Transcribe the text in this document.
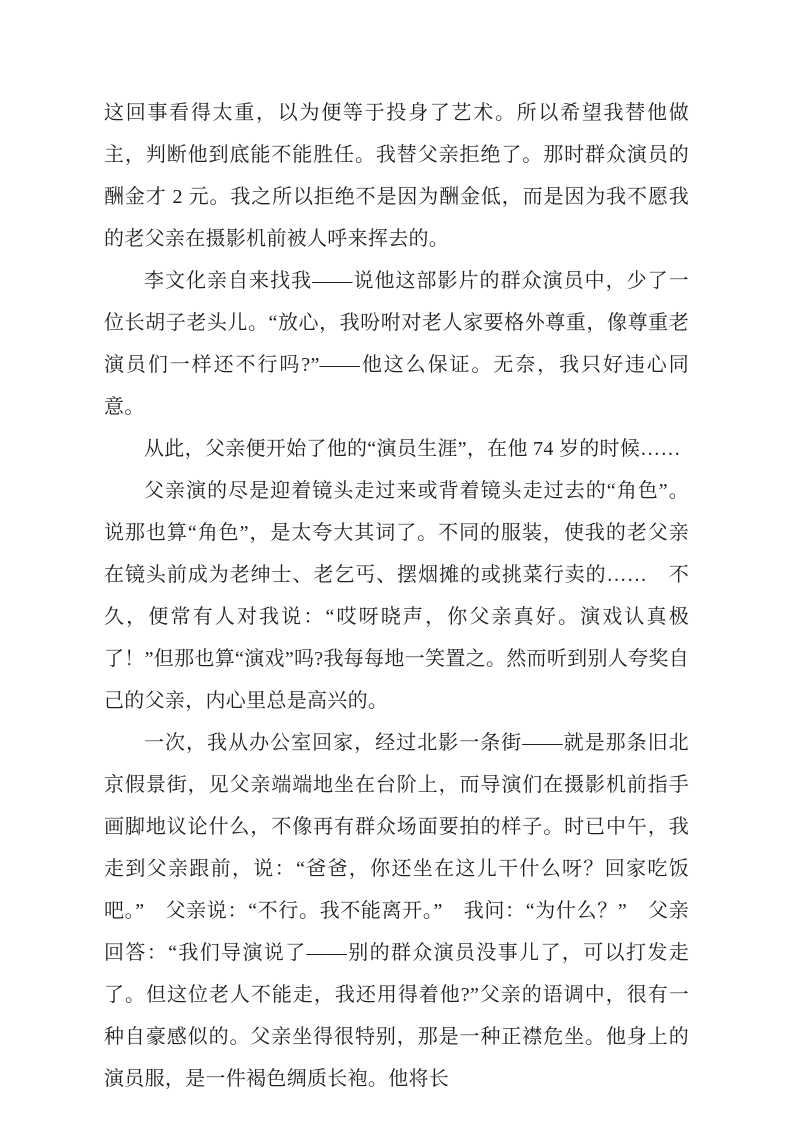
这回事看得太重，以为便等于投身了艺术。所以希望我替他做主，判断他到底能不能胜任。我替父亲拒绝了。那时群众演员的酬金才 2 元。我之所以拒绝不是因为酬金低，而是因为我不愿我的老父亲在摄影机前被人呼来挥去的。

李文化亲自来找我——说他这部影片的群众演员中，少了一位长胡子老头儿。“放心，我吩咐对老人家要格外尊重，像尊重老演员们一样还不行吗?”——他这么保证。无奈，我只好违心同意。

从此，父亲便开始了他的“演员生涯”，在他 74 岁的时候……

父亲演的尽是迎着镜头走过来或背着镜头走过去的“角色”。说那也算“角色”，是太夸大其词了。不同的服装，使我的老父亲在镜头前成为老绅士、老乞丐、摆烟摊的或挑菜行卖的……　不久，便常有人对我说：“哎呀晓声，你父亲真好。演戏认真极了！”但那也算“演戏”吗?我每每地一笑置之。然而听到别人夸奖自己的父亲，内心里总是高兴的。

一次，我从办公室回家，经过北影一条街——就是那条旧北京假景街，见父亲端端地坐在台阶上，而导演们在摄影机前指手画脚地议论什么，不像再有群众场面要拍的样子。时已中午，我走到父亲跟前，说：“爸爸，你还坐在这儿干什么呀？回家吃饭吧。”　父亲说：“不行。我不能离开。”　我问：“为什么？”　父亲回答：“我们导演说了——别的群众演员没事儿了，可以打发走了。但这位老人不能走，我还用得着他?”父亲的语调中，很有一种自豪感似的。父亲坐得很特别，那是一种正襟危坐。他身上的演员服，是一件褐色绸质长袍。他将长
